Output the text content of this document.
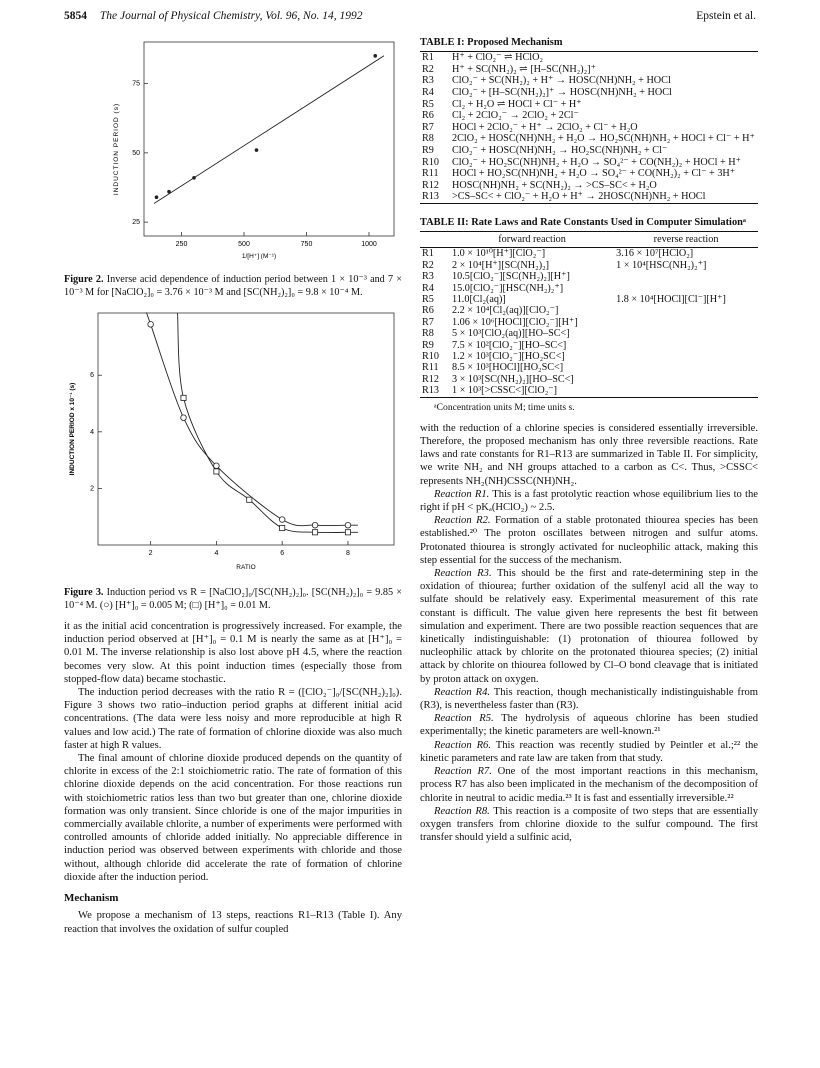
5854 The Journal of Physical Chemistry, Vol. 96, No. 14, 1992	Epstein et al.
250	500	750	1000
25
50
75
1/[H⁺] (M⁻¹)
INDUCTION PERIOD (s)
Figure 2. Inverse acid dependence of induction period between 1 × 10⁻³ and 7 × 10⁻³ M for [NaClO₂]₀ = 3.76 × 10⁻³ M and [SC(NH₂)₂]₀ = 9.8 × 10⁻⁴ M.
2	4	6	8
2
4
6
RATIO
INDUCTION PERIOD x 10⁻¹ (s)
Figure 3. Induction period vs R = [NaClO₂]₀/[SC(NH₂)₂]₀. [SC(NH₂)₂]₀ = 9.85 × 10⁻⁴ M. (○) [H⁺]₀ = 0.005 M; (□) [H⁺]₀ = 0.01 M.

it as the initial acid concentration is progressively increased. For example, the induction period observed at [H⁺]₀ = 0.1 M is nearly the same as at [H⁺]₀ = 0.01 M. The inverse relationship is also lost above pH 4.5, where the reaction becomes very slow. At this point induction times (especially those from stopped-flow data) became stochastic.

The induction period decreases with the ratio R = ([ClO₂⁻]₀/[SC(NH₂)₂]₀). Figure 3 shows two ratio–induction period graphs at different initial acid concentrations. (The data were less noisy and more reproducible at high R values and low acid.) The rate of formation of chlorine dioxide was also much faster at high R values.

The final amount of chlorine dioxide produced depends on the quantity of chlorite in excess of the 2:1 stoichiometric ratio. The rate of formation of this chlorine dioxide depends on the acid concentration. For those reactions run with stoichiometric ratios less than two but greater than one, chlorine dioxide formation was only transient. Since chloride is one of the major impurities in commercially available chlorite, a number of experiments were performed with controlled amounts of chloride added initially. No appreciable difference in induction period was observed between experiments with chloride and those without, although chloride did accelerate the rate of formation of chlorine dioxide after the induction period.

Mechanism

We propose a mechanism of 13 steps, reactions R1–R13 (Table I). Any reaction that involves the oxidation of sulfur coupled

TABLE I: Proposed Mechanism
R1	H⁺ + ClO₂⁻ ⇌ HClO₂
R2	H⁺ + SC(NH₂)₂ ⇌ [H–SC(NH₂)₂]⁺
R3	ClO₂⁻ + SC(NH₂)₂ + H⁺ → HOSC(NH)NH₂ + HOCl
R4	ClO₂⁻ + [H–SC(NH₂)₂]⁺ → HOSC(NH)NH₂ + HOCl
R5	Cl₂ + H₂O ⇌ HOCl + Cl⁻ + H⁺
R6	Cl₂ + 2ClO₂⁻ → 2ClO₂ + 2Cl⁻
R7	HOCl + 2ClO₂⁻ + H⁺ → 2ClO₂ + Cl⁻ + H₂O
R8	2ClO₂ + HOSC(NH)NH₂ + H₂O → HO₂SC(NH)NH₂ + HOCl + Cl⁻ + H⁺
R9	ClO₂⁻ + HOSC(NH)NH₂ → HO₂SC(NH)NH₂ + Cl⁻
R10	ClO₂⁻ + HO₂SC(NH)NH₂ + H₂O → SO₄²⁻ + CO(NH₂)₂ + HOCl + H⁺
R11	HOCl + HO₂SC(NH)NH₂ + H₂O → SO₄²⁻ + CO(NH₂)₂ + Cl⁻ + 3H⁺
R12	HOSC(NH)NH₂ + SC(NH₂)₂ → >CS–SC< + H₂O
R13	>CS–SC< + ClO₂⁻ + H₂O + H⁺ → 2HOSC(NH)NH₂ + HOCl
TABLE II: Rate Laws and Rate Constants Used in Computer Simulationᵃ
	forward reaction	reverse reaction
R1	1.0 × 10¹⁰[H⁺][ClO₂⁻]	3.16 × 10⁷[HClO₂]
R2	2 × 10⁴[H⁺][SC(NH₂)₂]	1 × 10⁴[HSC(NH₂)₂⁺]
R3	10.5[ClO₂⁻][SC(NH₂)₂][H⁺]	
R4	15.0[ClO₂⁻][HSC(NH₂)₂⁺]	
R5	11.0[Cl₂(aq)]	1.8 × 10⁴[HOCl][Cl⁻][H⁺]
R6	2.2 × 10⁴[Cl₂(aq)][ClO₂⁻]	
R7	1.06 × 10⁶[HOCl][ClO₂⁻][H⁺]	
R8	5 × 10³[ClO₂(aq)][HO–SC<]	
R9	7.5 × 10²[ClO₂⁻][HO–SC<]	
R10	1.2 × 10³[ClO₂⁻][HO₂SC<]	
R11	8.5 × 10³[HOCl][HO₂SC<]	
R12	3 × 10³[SC(NH₂)₂][HO–SC<]	
R13	1 × 10³[>CSSC<][ClO₂⁻]	
ᵃConcentration units M; time units s.

with the reduction of a chlorine species is considered essentially irreversible. Therefore, the proposed mechanism has only three reversible reactions. Rate laws and rate constants for R1–R13 are summarized in Table II. For simplicity, we write NH₂ and NH groups attached to a carbon as C<. Thus, >CSSC< represents NH₂(NH)CSSC(NH)NH₂.

Reaction R1. This is a fast protolytic reaction whose equilibrium lies to the right if pH < pKₐ(HClO₂) ~ 2.5.

Reaction R2. Formation of a stable protonated thiourea species has been established.²⁰ The proton oscillates between nitrogen and sulfur atoms. Protonated thiourea is strongly activated for nucleophilic attack, making this step essential for the success of the mechanism.

Reaction R3. This should be the first and rate-determining step in the oxidation of thiourea; further oxidation of the sulfenyl acid all the way to sulfate should be relatively easy. Experimental measurement of this rate constant is difficult. The value given here represents the best fit between simulation and experiment. There are two possible reaction sequences that are kinetically indistinguishable: (1) protonation of thiourea followed by nucleophilic attack by chlorite on the protonated thiourea species; (2) initial attack by chlorite on thiourea followed by Cl–O bond cleavage that is initiated by proton attack on oxygen.

Reaction R4. This reaction, though mechanistically indistinguishable from (R3), is nevertheless faster than (R3).

Reaction R5. The hydrolysis of aqueous chlorine has been studied experimentally; the kinetic parameters are well-known.²¹

Reaction R6. This reaction was recently studied by Peintler et al.;²² the kinetic parameters and rate law are taken from that study.

Reaction R7. One of the most important reactions in this mechanism, process R7 has also been implicated in the mechanism of the decomposition of chlorite in neutral to acidic media.²³ It is fast and essentially irreversible.²²

Reaction R8. This reaction is a composite of two steps that are essentially oxygen transfers from chlorine dioxide to the sulfur compound. The first transfer should yield a sulfinic acid,
